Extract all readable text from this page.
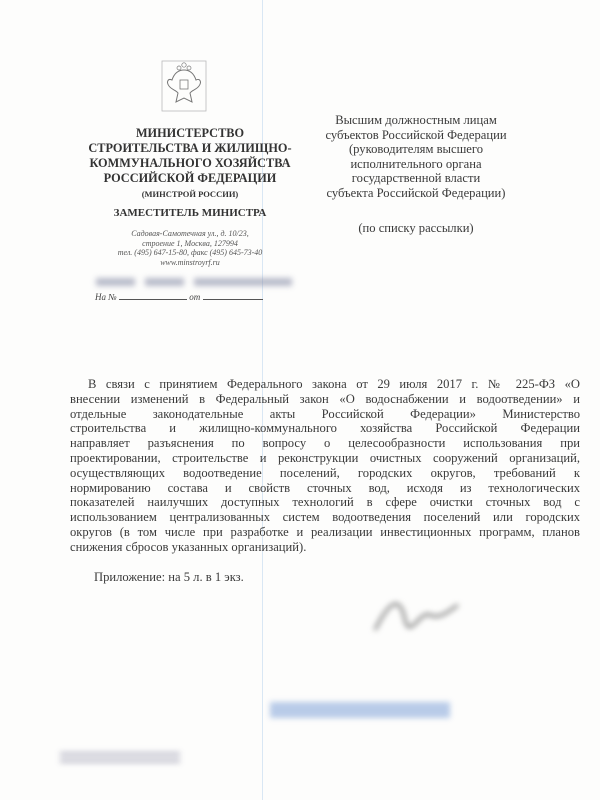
МИНИСТЕРСТВО
СТРОИТЕЛЬСТВА И ЖИЛИЩНО-
КОММУНАЛЬНОГО ХОЗЯЙСТВА
РОССИЙСКОЙ ФЕДЕРАЦИИ
(МИНСТРОЙ РОССИИ)
ЗАМЕСТИТЕЛЬ МИНИСТРА
Садовая-Самотечная ул., д. 10/23,
строение 1, Москва, 127994
тел. (495) 647-15-80, факс (495) 645-73-40
www.minstroyrf.ru
На №	от
Высшим должностным лицам
субъектов Российской Федерации
(руководителям высшего
исполнительного органа
государственной власти
субъекта Российской Федерации)
(по списку рассылки)
В связи с принятием Федерального закона от 29 июля 2017 г. № 225-ФЗ «О
внесении изменений в Федеральный закон «О водоснабжении и водоотведении» и
отдельные законодательные акты Российской Федерации» Министерство
строительства и жилищно-коммунального хозяйства Российской Федерации
направляет разъяснения по вопросу о целесообразности использования при
проектировании, строительстве и реконструкции очистных сооружений организаций,
осуществляющих водоотведение поселений, городских округов, требований к
нормированию состава и свойств сточных вод, исходя из технологических
показателей наилучших доступных технологий в сфере очистки сточных вод с
использованием централизованных систем водоотведения поселений или городских
округов (в том числе при разработке и реализации инвестиционных программ, планов
снижения сбросов указанных организаций).
Приложение: на 5 л. в 1 экз.
